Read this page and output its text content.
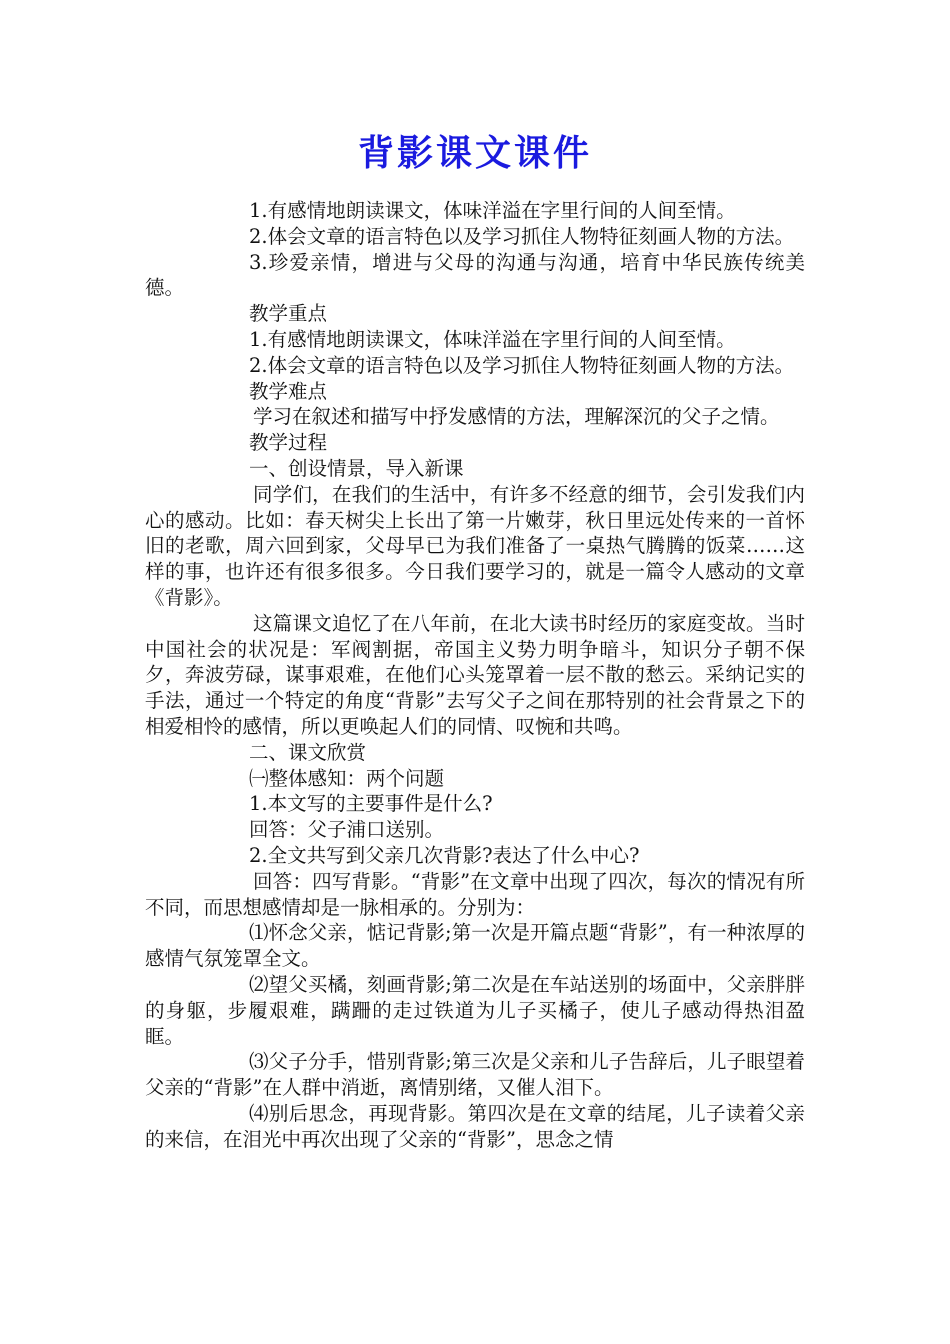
背影课文课件

1.有感情地朗读课文，体味洋溢在字里行间的人间至情。

2.体会文章的语言特色以及学习抓住人物特征刻画人物的方法。

3.珍爱亲情，增进与父母的沟通与沟通，培育中华民族传统美德。

教学重点

1.有感情地朗读课文，体味洋溢在字里行间的人间至情。

2.体会文章的语言特色以及学习抓住人物特征刻画人物的方法。

教学难点

学习在叙述和描写中抒发感情的方法，理解深沉的父子之情。

教学过程

一、创设情景，导入新课

同学们，在我们的生活中，有许多不经意的细节，会引发我们内心的感动。比如：春天树尖上长出了第一片嫩芽，秋日里远处传来的一首怀旧的老歌，周六回到家，父母早已为我们准备了一桌热气腾腾的饭菜……这样的事，也许还有很多很多。今日我们要学习的，就是一篇令人感动的文章《背影》。

这篇课文追忆了在八年前，在北大读书时经历的家庭变故。当时中国社会的状况是：军阀割据，帝国主义势力明争暗斗，知识分子朝不保夕，奔波劳碌，谋事艰难，在他们心头笼罩着一层不散的愁云。采纳记实的手法，通过一个特定的角度“背影”去写父子之间在那特别的社会背景之下的相爱相怜的感情，所以更唤起人们的同情、叹惋和共鸣。

二、课文欣赏

㈠整体感知：两个问题

1.本文写的主要事件是什么?

回答：父子浦口送别。

2.全文共写到父亲几次背影?表达了什么中心?

回答：四写背影。“背影”在文章中出现了四次，每次的情况有所不同，而思想感情却是一脉相承的。分别为：

⑴怀念父亲，惦记背影;第一次是开篇点题“背影”，有一种浓厚的感情气氛笼罩全文。

⑵望父买橘，刻画背影;第二次是在车站送别的场面中，父亲胖胖的身躯，步履艰难，蹒跚的走过铁道为儿子买橘子，使儿子感动得热泪盈眶。

⑶父子分手，惜别背影;第三次是父亲和儿子告辞后，儿子眼望着父亲的“背影”在人群中消逝，离情别绪，又催人泪下。

⑷别后思念，再现背影。第四次是在文章的结尾，儿子读着父亲的来信，在泪光中再次出现了父亲的“背影”，思念之情
